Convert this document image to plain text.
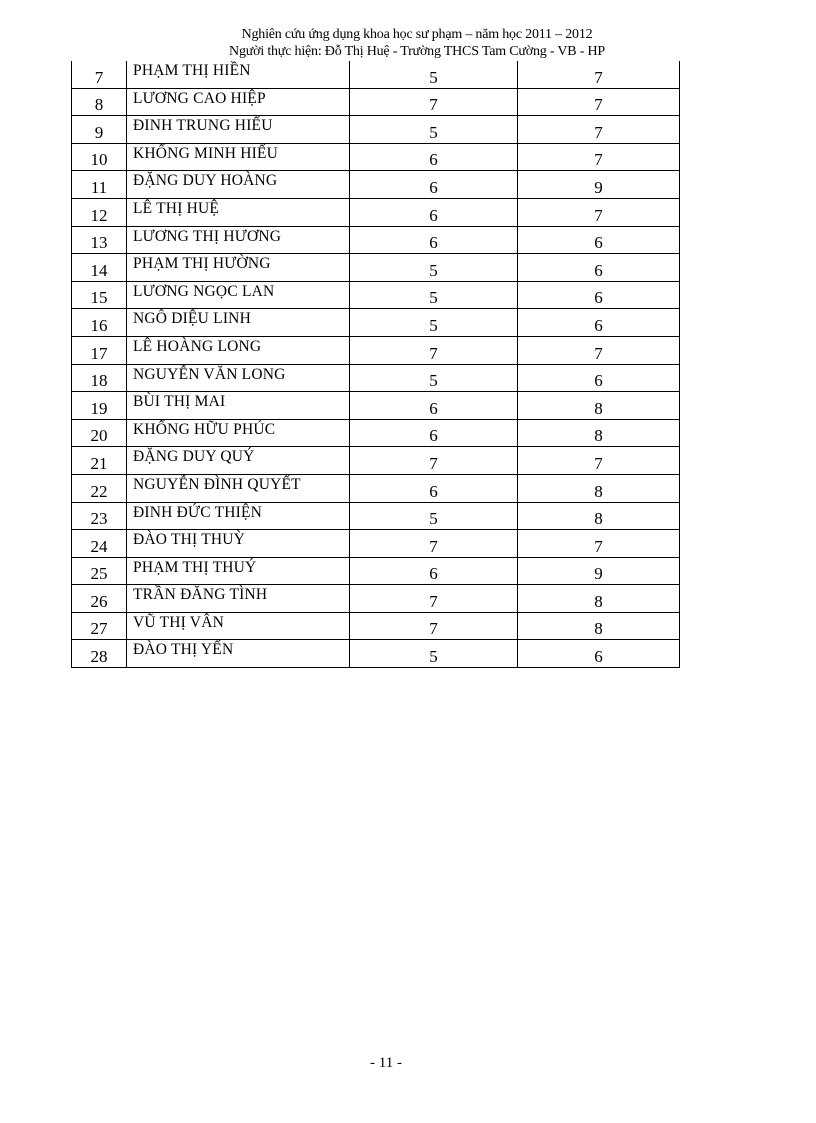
Nghiên cứu ứng dụng khoa học sư phạm – năm học 2011 – 2012
Người thực hiện: Đỗ Thị Huệ - Trường THCS Tam Cường - VB - HP
7	PHẠM THỊ HIỀN	5	7
8	LƯƠNG CAO HIỆP	7	7
9	ĐINH TRUNG HIẾU	5	7
10	KHỔNG MINH HIẾU	6	7
11	ĐẶNG DUY HOÀNG	6	9
12	LÊ THỊ HUỆ	6	7
13	LƯƠNG THỊ HƯƠNG	6	6
14	PHẠM THỊ HƯỜNG	5	6
15	LƯƠNG NGỌC LAN	5	6
16	NGÔ DIỆU LINH	5	6
17	LÊ HOÀNG LONG	7	7
18	NGUYỄN VĂN LONG	5	6
19	BÙI THỊ MAI	6	8
20	KHỔNG HỮU PHÚC	6	8
21	ĐẶNG DUY QUÝ	7	7
22	NGUYỄN ĐÌNH QUYẾT	6	8
23	ĐINH ĐỨC THIỆN	5	8
24	ĐÀO THỊ THUỲ	7	7
25	PHẠM THỊ THUÝ	6	9
26	TRẦN ĐĂNG TÌNH	7	8
27	VŨ THỊ VÂN	7	8
28	ĐÀO THỊ YẾN	5	6
- 11 -
